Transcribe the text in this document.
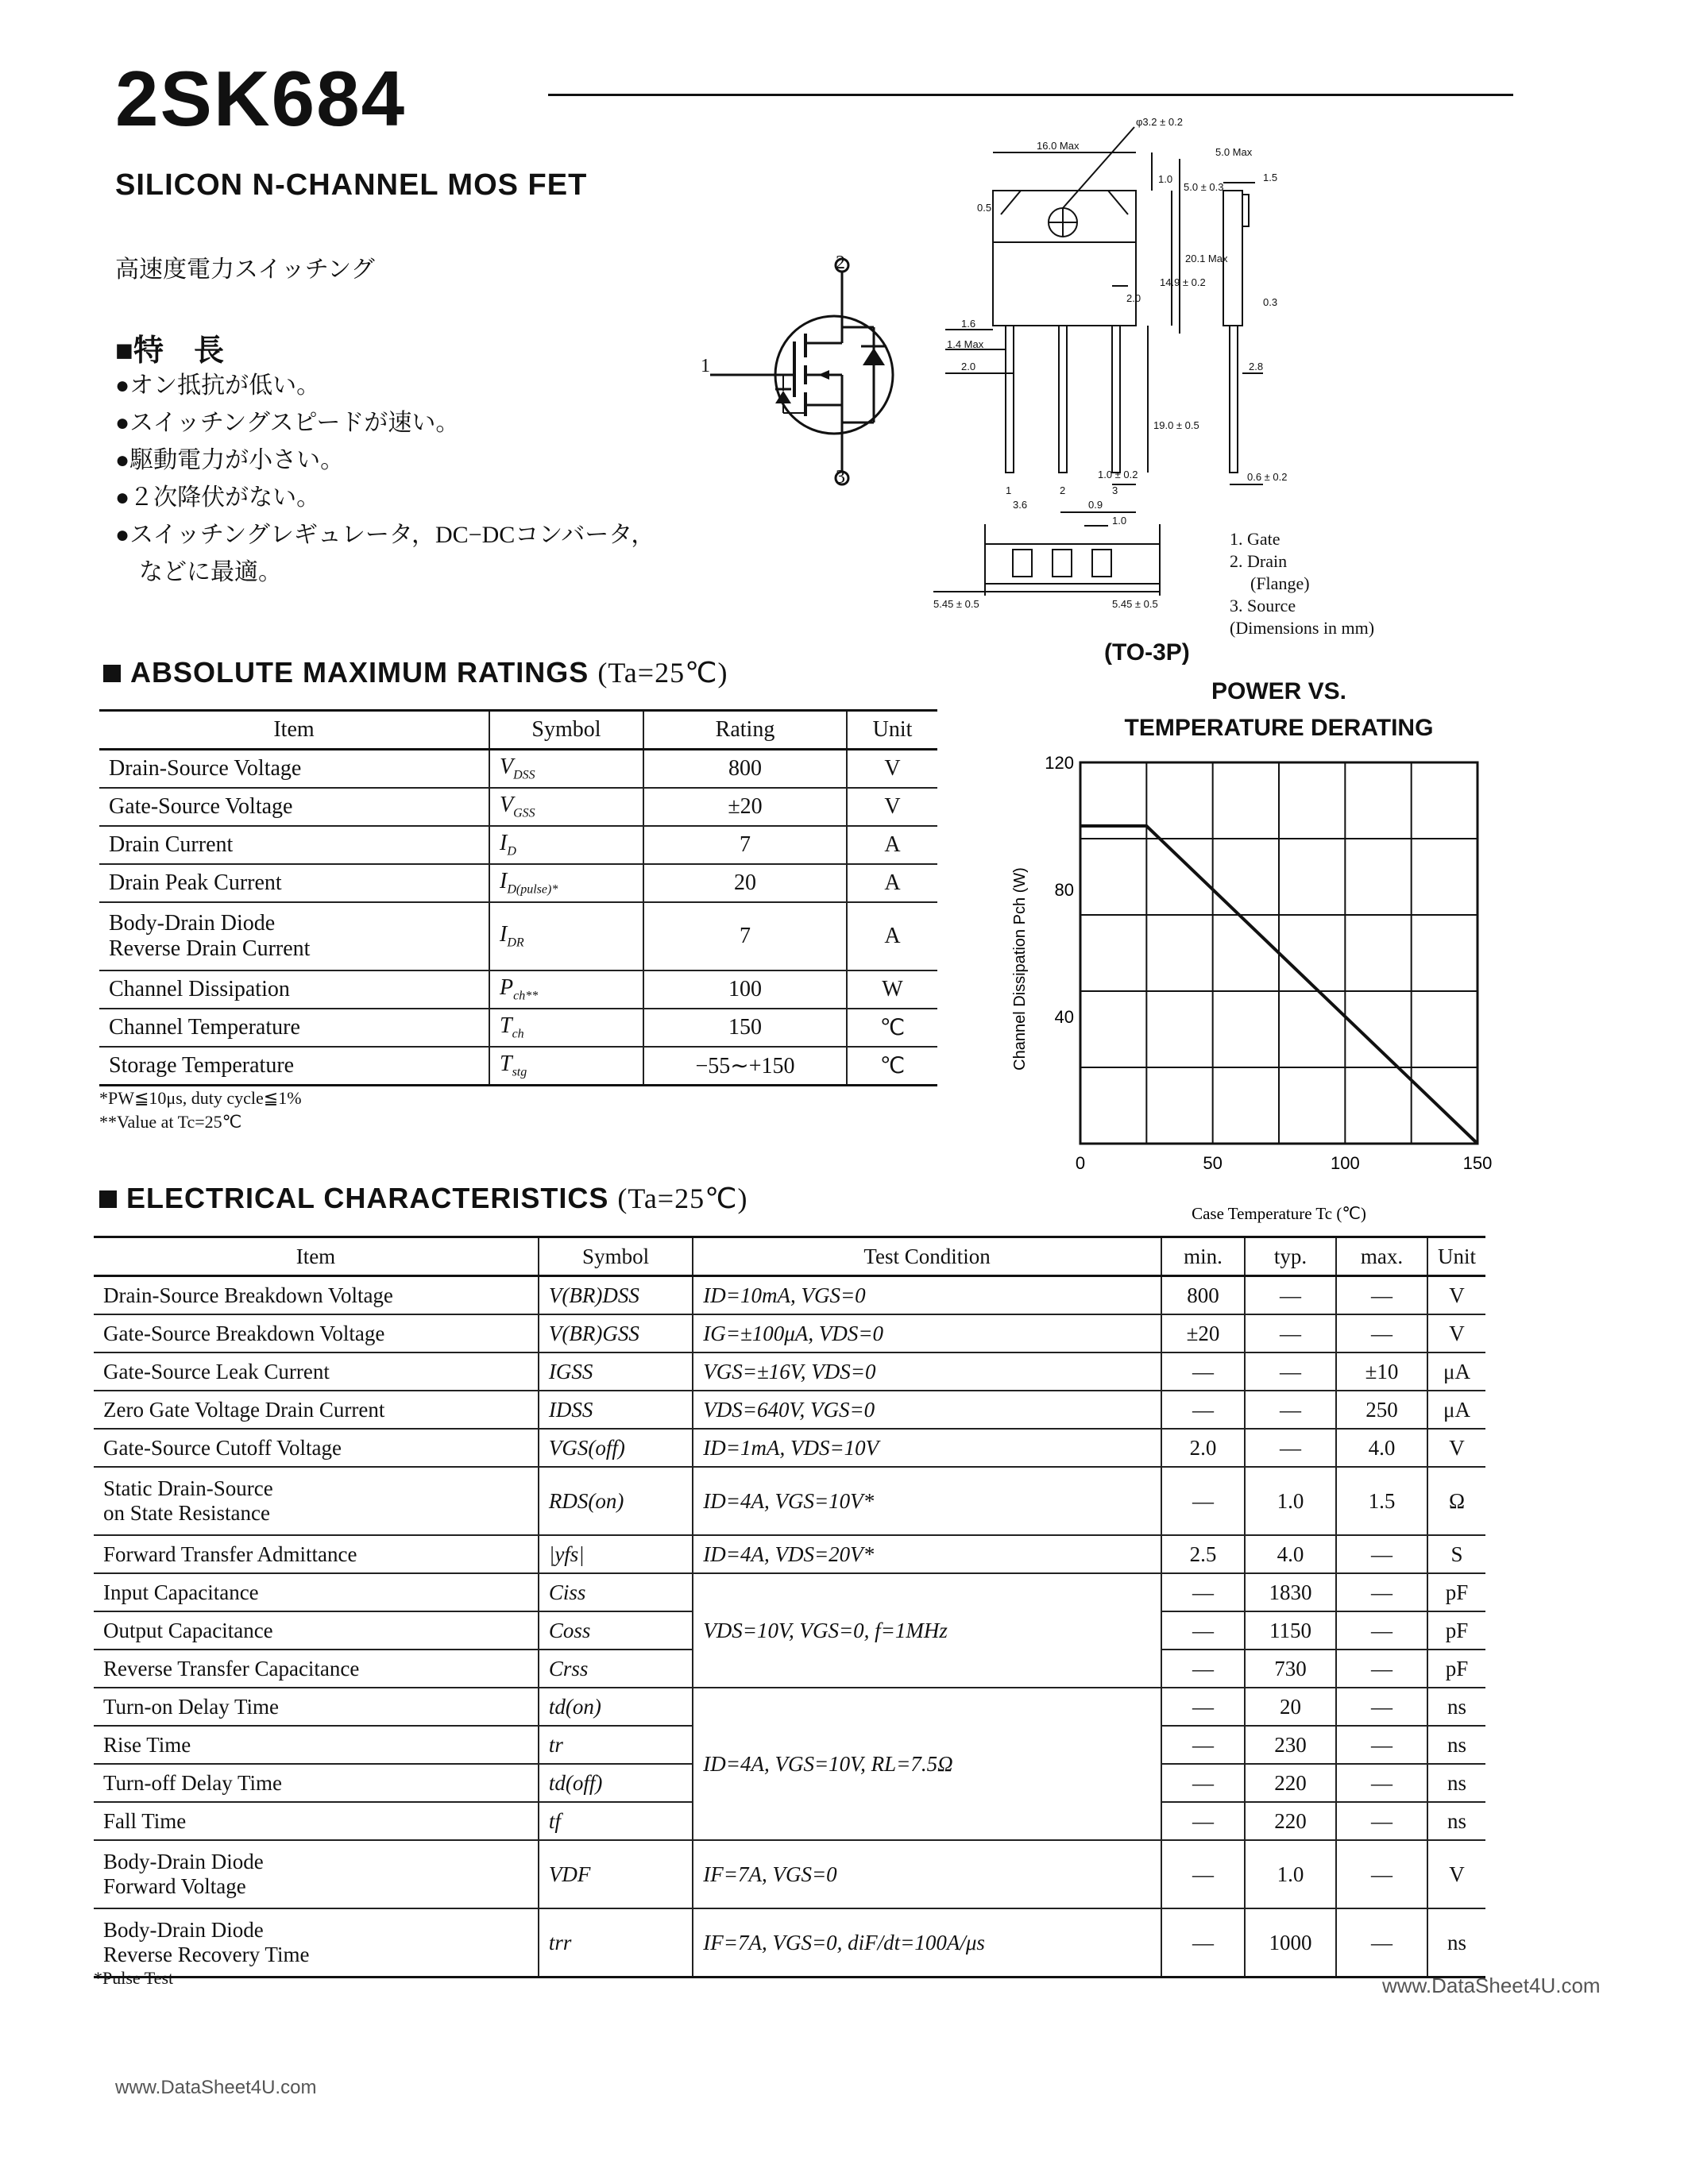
2SK684
SILICON N-CHANNEL MOS FET
高速度電力スイッチング
■特　長
●オン抵抗が低い。
●スイッチングスピードが速い。
●駆動電力が小さい。
●２次降伏がない。
●スイッチングレギュレータ，DC−DCコンバータ，
　などに最適。
2
3
1
φ3.2 ± 0.2
16.0 Max
1.0
5.0 ± 0.3
5.0 Max
1.5
0.5
14.9 ± 0.2
20.1 Max
2.0	0.3
1.6
1.4 Max
2.0	2.8
19.0 ± 0.5
1.0 ± 0.2	0.6 ± 0.2
1	2	3
3.6	0.9
1.0
5.45 ± 0.5	5.45 ± 0.5
1. Gate
2. Drain
(Flange)
3. Source
(Dimensions in mm)
(TO-3P)
ABSOLUTE MAXIMUM RATINGS (Ta=25℃)
Item	Symbol	Rating	Unit

Drain-Source Voltage	$V_{DSS}$	800	V

Gate-Source Voltage	$V_{GSS}$	±20	V

Drain Current	$I_D$	7	A

Drain Peak Current	$I_{D(pulse)*}$	20	A

Body-Drain Diode
Reverse Drain Current	$I_{DR}$	7	A

Channel Dissipation	$P_{ch**}$	100	W

Channel Temperature	$T_{ch}$	150	℃

Storage Temperature	$T_{stg}$	−55∼+150	℃
*PW≦10μs, duty cycle≦1%
**Value at Tc=25℃
POWER VS.
TEMPERATURE DERATING
0	50	100	150
40
80
120
Channel Dissipation Pch (W)
Case Temperature Tc (℃)
ELECTRICAL CHARACTERISTICS (Ta=25℃)
Item	Symbol	Test Condition	min.	typ.	max.	Unit

Drain-Source Breakdown Voltage	V(BR)DSS	ID=10mA, VGS=0	800	—	—	V

Gate-Source Breakdown Voltage	V(BR)GSS	IG=±100μA, VDS=0	±20	—	—	V

Gate-Source Leak Current	IGSS	VGS=±16V, VDS=0	—	—	±10	μA

Zero Gate Voltage Drain Current	IDSS	VDS=640V, VGS=0	—	—	250	μA

Gate-Source Cutoff Voltage	VGS(off)	ID=1mA, VDS=10V	2.0	—	4.0	V

Static Drain-Source
on State Resistance	RDS(on)	ID=4A, VGS=10V*	—	1.0	1.5	Ω

Forward Transfer Admittance	|yfs|	ID=4A, VDS=20V*	2.5	4.0	—	S

Input Capacitance	Ciss	VDS=10V, VGS=0, f=1MHz	—	1830	—	pF

Output Capacitance	Coss		—	1150	—	pF

Reverse Transfer Capacitance	Crss		—	730	—	pF

Turn-on Delay Time	td(on)	ID=4A, VGS=10V, RL=7.5Ω	—	20	—	ns

Rise Time	tr		—	230	—	ns

Turn-off Delay Time	td(off)		—	220	—	ns

Fall Time	tf		—	220	—	ns

Body-Drain Diode
Forward Voltage	VDF	IF=7A, VGS=0	—	1.0	—	V

Body-Drain Diode
Reverse Recovery Time	trr	IF=7A, VGS=0, diF/dt=100A/μs	—	1000	—	ns
*Pulse Test	www.DataSheet4U.com
www.DataSheet4U.com
